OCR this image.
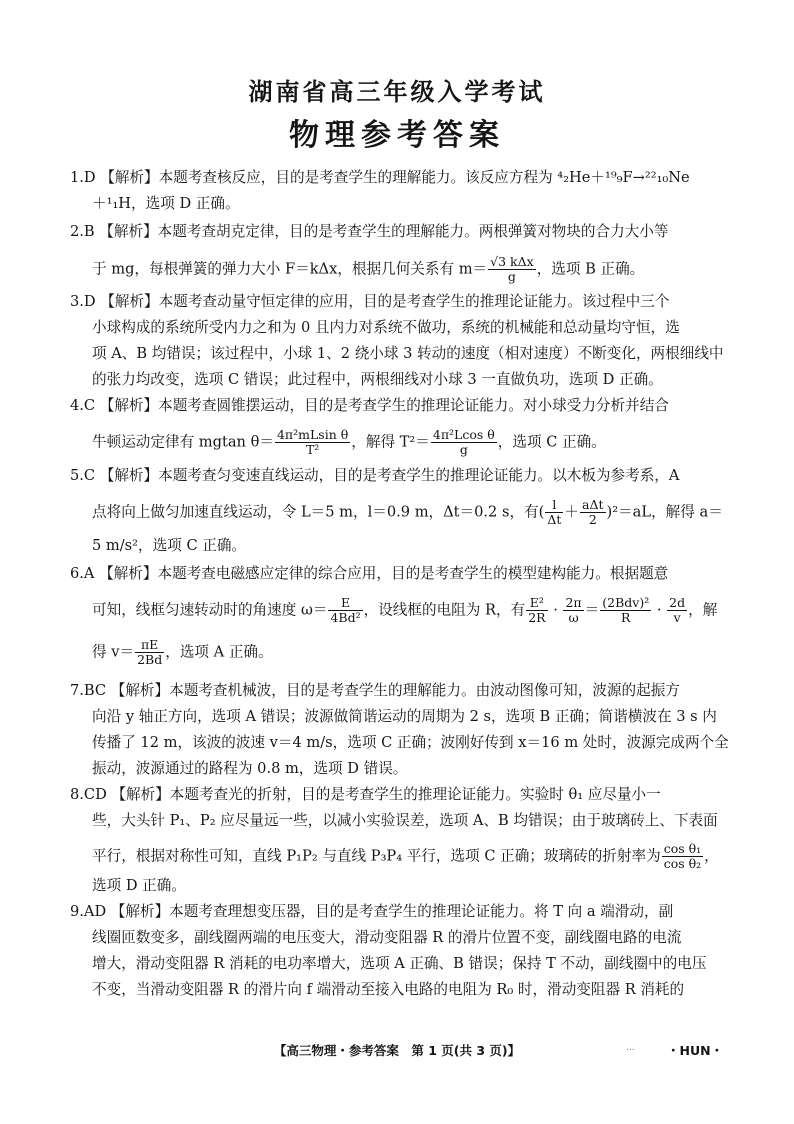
湖南省高三年级入学考试
物理参考答案
1.D 【解析】本题考查核反应，目的是考查学生的理解能力。该反应方程为 ⁴₂He＋¹⁹₉F→²²₁₀Ne
＋¹₁H，选项 D 正确。
2.B 【解析】本题考查胡克定律，目的是考查学生的理解能力。两根弹簧对物块的合力大小等
于 mg，每根弹簧的弹力大小 F＝kΔx，根据几何关系有 $m= \frac{\text{√3 kΔx}}{g}$ ，选项 B 正确。
3.D 【解析】本题考查动量守恒定律的应用，目的是考查学生的推理论证能力。该过程中三个
小球构成的系统所受内力之和为 0 且内力对系统不做功，系统的机械能和总动量均守恒，选
项 A、B 均错误；该过程中，小球 1、2 绕小球 3 转动的速度（相对速度）不断变化，两根细线中
的张力均改变，选项 C 错误；此过程中，两根细线对小球 3 一直做负功，选项 D 正确。
4.C 【解析】本题考查圆锥摆运动，目的是考查学生的推理论证能力。对小球受力分析并结合
牛顿运动定律有 mgtan $\theta= \frac{\text{4π²mLsin θ}}{\text{T²}}$ ，解得 $T^2= \frac{\text{4π²Lcos θ}}{g}$ ，选项 C 正确。
5.C 【解析】本题考查匀变速直线运动，目的是考查学生的推理论证能力。以木板为参考系，A
点将向上做匀加速直线运动，令 L＝5 m，l＝0.9 m，Δt＝0.2 s，有( $\frac{l}{\Delta t} + \frac{\text{aΔt}}{2} )^2=aL$，解得 a＝
5 m/s²，选项 C 正确。
6.A 【解析】本题考查电磁感应定律的综合应用，目的是考查学生的模型建构能力。根据题意
可知，线框匀速转动时的角速度 $\omega= \frac{E}{\text{4Bd²}}$ ，设线框的电阻为 R，有 $\frac{\text{E²}}{2R} \cdot \frac{2\pi}{\omega} = \frac{\text{(2Bdv)²}}{R} \cdot \frac{2d}{v}$ ，解
得 $v= \frac{\pi E}{2Bd}$ ，选项 A 正确。
7.BC 【解析】本题考查机械波，目的是考查学生的理解能力。由波动图像可知，波源的起振方
向沿 y 轴正方向，选项 A 错误；波源做简谐运动的周期为 2 s，选项 B 正确；简谐横波在 3 s 内
传播了 12 m，该波的波速 v＝4 m/s，选项 C 正确；波刚好传到 x＝16 m 处时，波源完成两个全
振动，波源通过的路程为 0.8 m，选项 D 错误。
8.CD 【解析】本题考查光的折射，目的是考查学生的推理论证能力。实验时 θ₁ 应尽量小一
些，大头针 P₁、P₂ 应尽量远一些，以减小实验误差，选项 A、B 均错误；由于玻璃砖上、下表面
平行，根据对称性可知，直线 P₁P₂ 与直线 P₃P₄ 平行，选项 C 正确；玻璃砖的折射率为 $\frac{\text{cos θ₁}}{\text{cos θ₂}}$ ，
选项 D 正确。
9.AD 【解析】本题考查理想变压器，目的是考查学生的推理论证能力。将 T 向 a 端滑动，副
线圈匝数变多，副线圈两端的电压变大，滑动变阻器 R 的滑片位置不变，副线圈电路的电流
增大，滑动变阻器 R 消耗的电功率增大，选项 A 正确、B 错误；保持 T 不动，副线圈中的电压
不变，当滑动变阻器 R 的滑片向 f 端滑动至接入电路的电阻为 R₀ 时，滑动变阻器 R 消耗的
【高三物理・参考答案　第 1 页(共 3 页)】	...	・HUN・
